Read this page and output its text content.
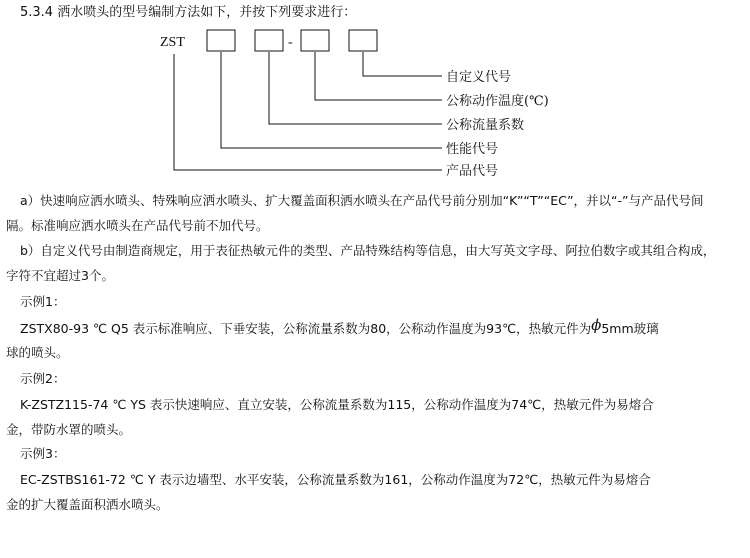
5.3.4 洒水喷头的型号编制方法如下，并按下列要求进行：
ZST	-
自定义代号
公称动作温度(℃)
公称流量系数
性能代号
产品代号

a）快速响应洒水喷头、特殊响应洒水喷头、扩大覆盖面积洒水喷头在产品代号前分别加“K”“T”“EC”，并以“-”与产品代号间隔。标准响应洒水喷头在产品代号前不加代号。

b）自定义代号由制造商规定，用于表征热敏元件的类型、产品特殊结构等信息，由大写英文字母、阿拉伯数字或其组合构成，字符不宜超过3个。

示例1：

ZSTX80-93 ℃ Q5 表示标准响应、下垂安装，公称流量系数为80，公称动作温度为93℃，热敏元件为ϕ5mm玻璃

球的喷头。

示例2：

K-ZSTZ115-74 ℃ YS 表示快速响应、直立安装，公称流量系数为115，公称动作温度为74℃，热敏元件为易熔合

金，带防水罩的喷头。

示例3：

EC-ZSTBS161-72 ℃ Y 表示边墙型、水平安装，公称流量系数为161，公称动作温度为72℃，热敏元件为易熔合

金的扩大覆盖面积洒水喷头。
